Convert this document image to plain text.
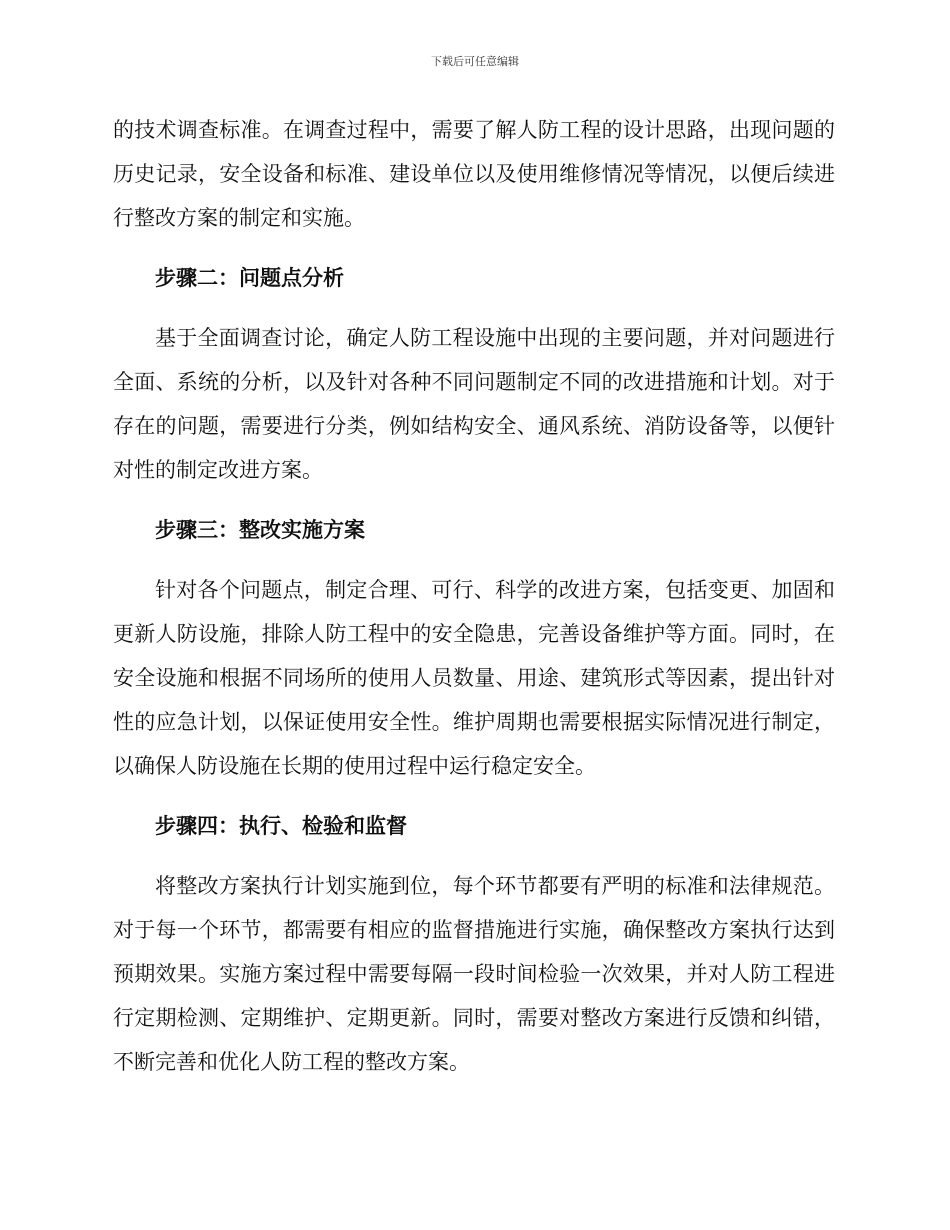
下载后可任意编辑

的技术调查标准。在调查过程中，需要了解人防工程的设计思路，出现问题的历史记录，安全设备和标准、建设单位以及使用维修情况等情况，以便后续进行整改方案的制定和实施。

步骤二：问题点分析

基于全面调查讨论，确定人防工程设施中出现的主要问题，并对问题进行全面、系统的分析，以及针对各种不同问题制定不同的改进措施和计划。对于存在的问题，需要进行分类，例如结构安全、通风系统、消防设备等，以便针对性的制定改进方案。

步骤三：整改实施方案

针对各个问题点，制定合理、可行、科学的改进方案，包括变更、加固和更新人防设施，排除人防工程中的安全隐患，完善设备维护等方面。同时，在安全设施和根据不同场所的使用人员数量、用途、建筑形式等因素，提出针对性的应急计划，以保证使用安全性。维护周期也需要根据实际情况进行制定，以确保人防设施在长期的使用过程中运行稳定安全。

步骤四：执行、检验和监督

将整改方案执行计划实施到位，每个环节都要有严明的标准和法律规范。对于每一个环节，都需要有相应的监督措施进行实施，确保整改方案执行达到预期效果。实施方案过程中需要每隔一段时间检验一次效果，并对人防工程进行定期检测、定期维护、定期更新。同时，需要对整改方案进行反馈和纠错，不断完善和优化人防工程的整改方案。
